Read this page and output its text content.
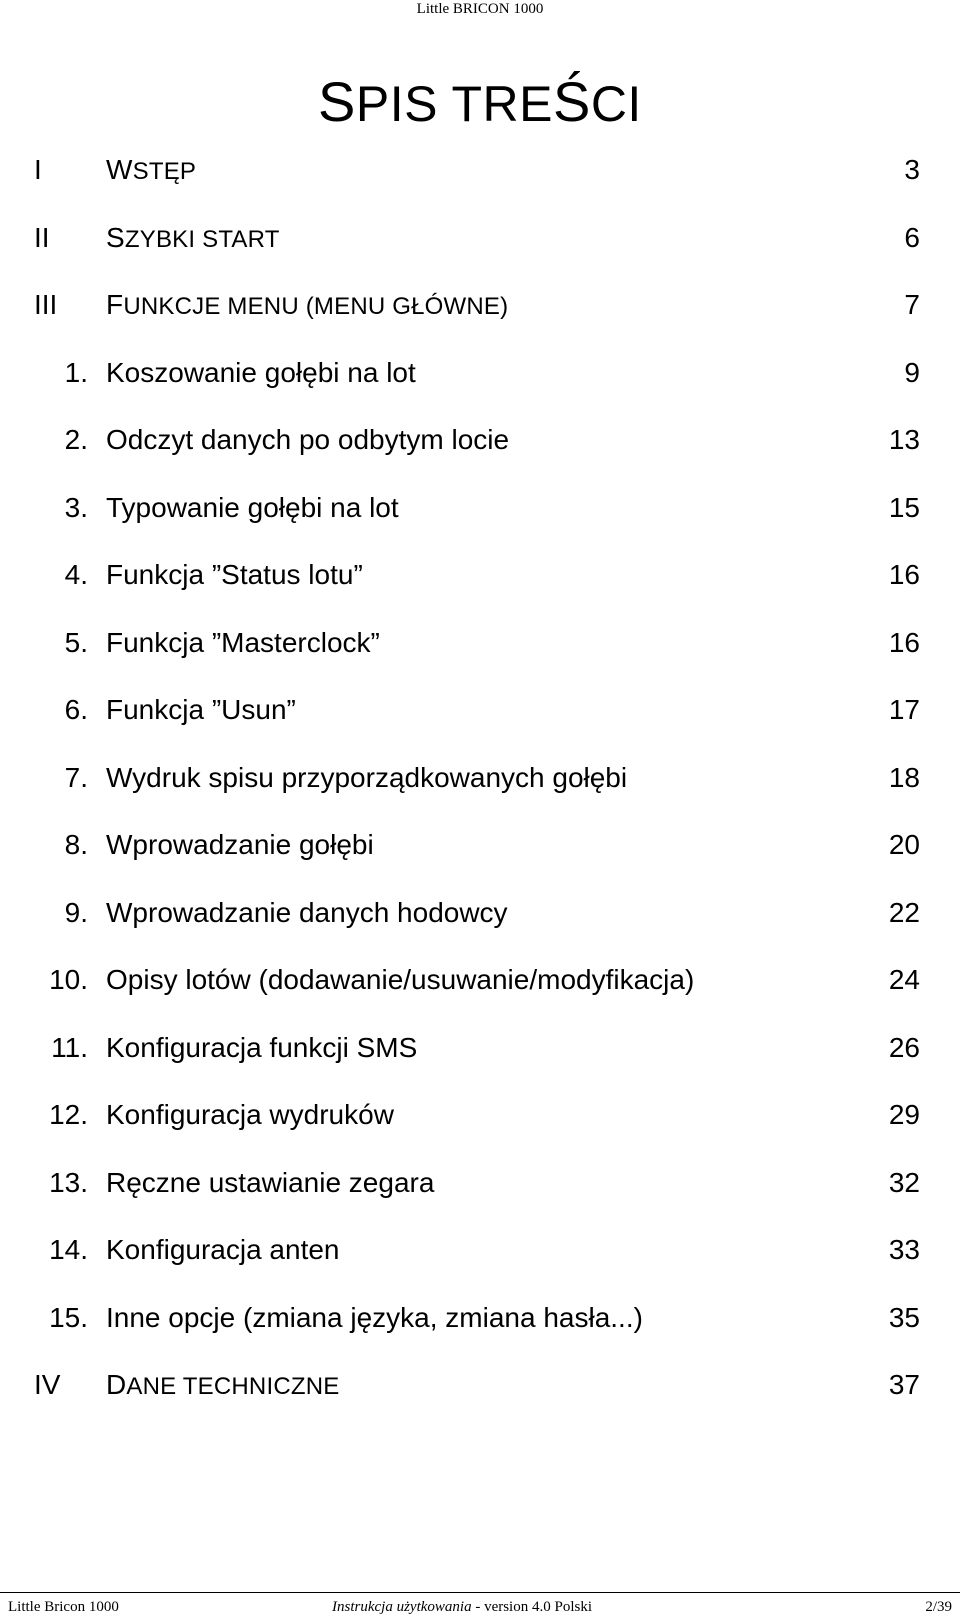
Little BRICON 1000
SPIS TREŚCI
I WSTĘP	3
II SZYBKI START	6
III FUNKCJE MENU (MENU GŁÓWNE)	7
1. Koszowanie gołębi na lot	9
2. Odczyt danych po odbytym locie	13
3. Typowanie gołębi na lot	15
4. Funkcja ”Status lotu”	16
5. Funkcja ”Masterclock”	16
6. Funkcja ”Usun”	17
7. Wydruk spisu przyporządkowanych gołębi	18
8. Wprowadzanie gołębi	20
9. Wprowadzanie danych hodowcy	22
10. Opisy lotów (dodawanie/usuwanie/modyfikacja)	24
11. Konfiguracja funkcji SMS	26
12. Konfiguracja wydruków	29
13. Ręczne ustawianie zegara	32
14. Konfiguracja anten	33
15. Inne opcje (zmiana języka, zmiana hasła...)	35
IV DANE TECHNICZNE	37
Little Bricon 1000	Instrukcja użytkowania - version 4.0 Polski	2/39
